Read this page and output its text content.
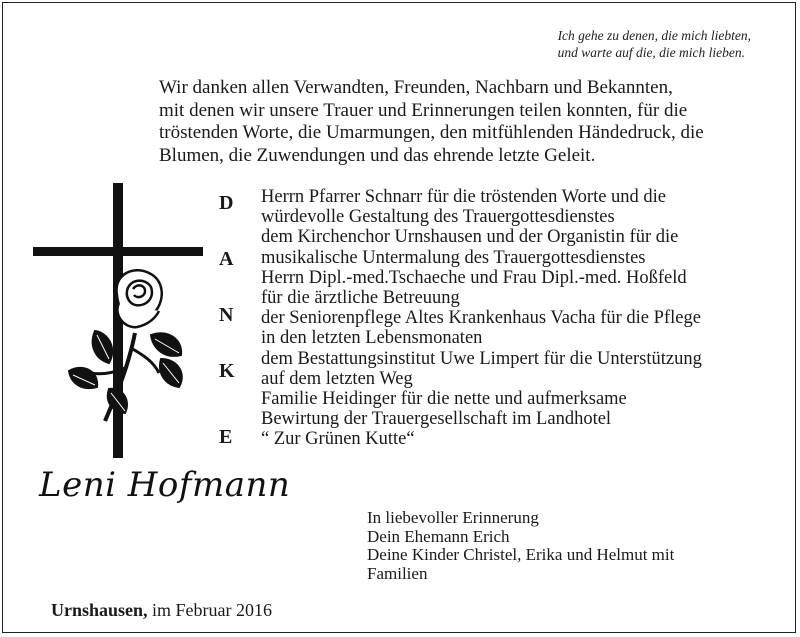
Ich gehe zu denen, die mich liebten,
und warte auf die, die mich lieben.
Wir danken allen Verwandten, Freunden, Nachbarn und Bekannten,
mit denen wir unsere Trauer und Erinnerungen teilen konnten, für die
tröstenden Worte, die Umarmungen, den mitfühlenden Händedruck, die
Blumen, die Zuwendungen und das ehrende letzte Geleit.
D
A
N
K
E
Herrn Pfarrer Schnarr für die tröstenden Worte und die
würdevolle Gestaltung des Trauergottesdienstes
dem Kirchenchor Urnshausen und der Organistin für die
musikalische Untermalung des Trauergottesdienstes
Herrn Dipl.-med.Tschaeche und Frau Dipl.-med. Hoßfeld
für die ärztliche Betreuung
der Seniorenpflege Altes Krankenhaus Vacha für die Pflege
in den letzten Lebensmonaten
dem Bestattungsinstitut Uwe Limpert für die Unterstützung
auf dem letzten Weg
Familie Heidinger für die nette und aufmerksame
Bewirtung der Trauergesellschaft im Landhotel
“ Zur Grünen Kutte“
Leni Hofmann
In liebevoller Erinnerung
Dein Ehemann Erich
Deine Kinder Christel, Erika und Helmut mit
Familien
Urnshausen, im Februar 2016
